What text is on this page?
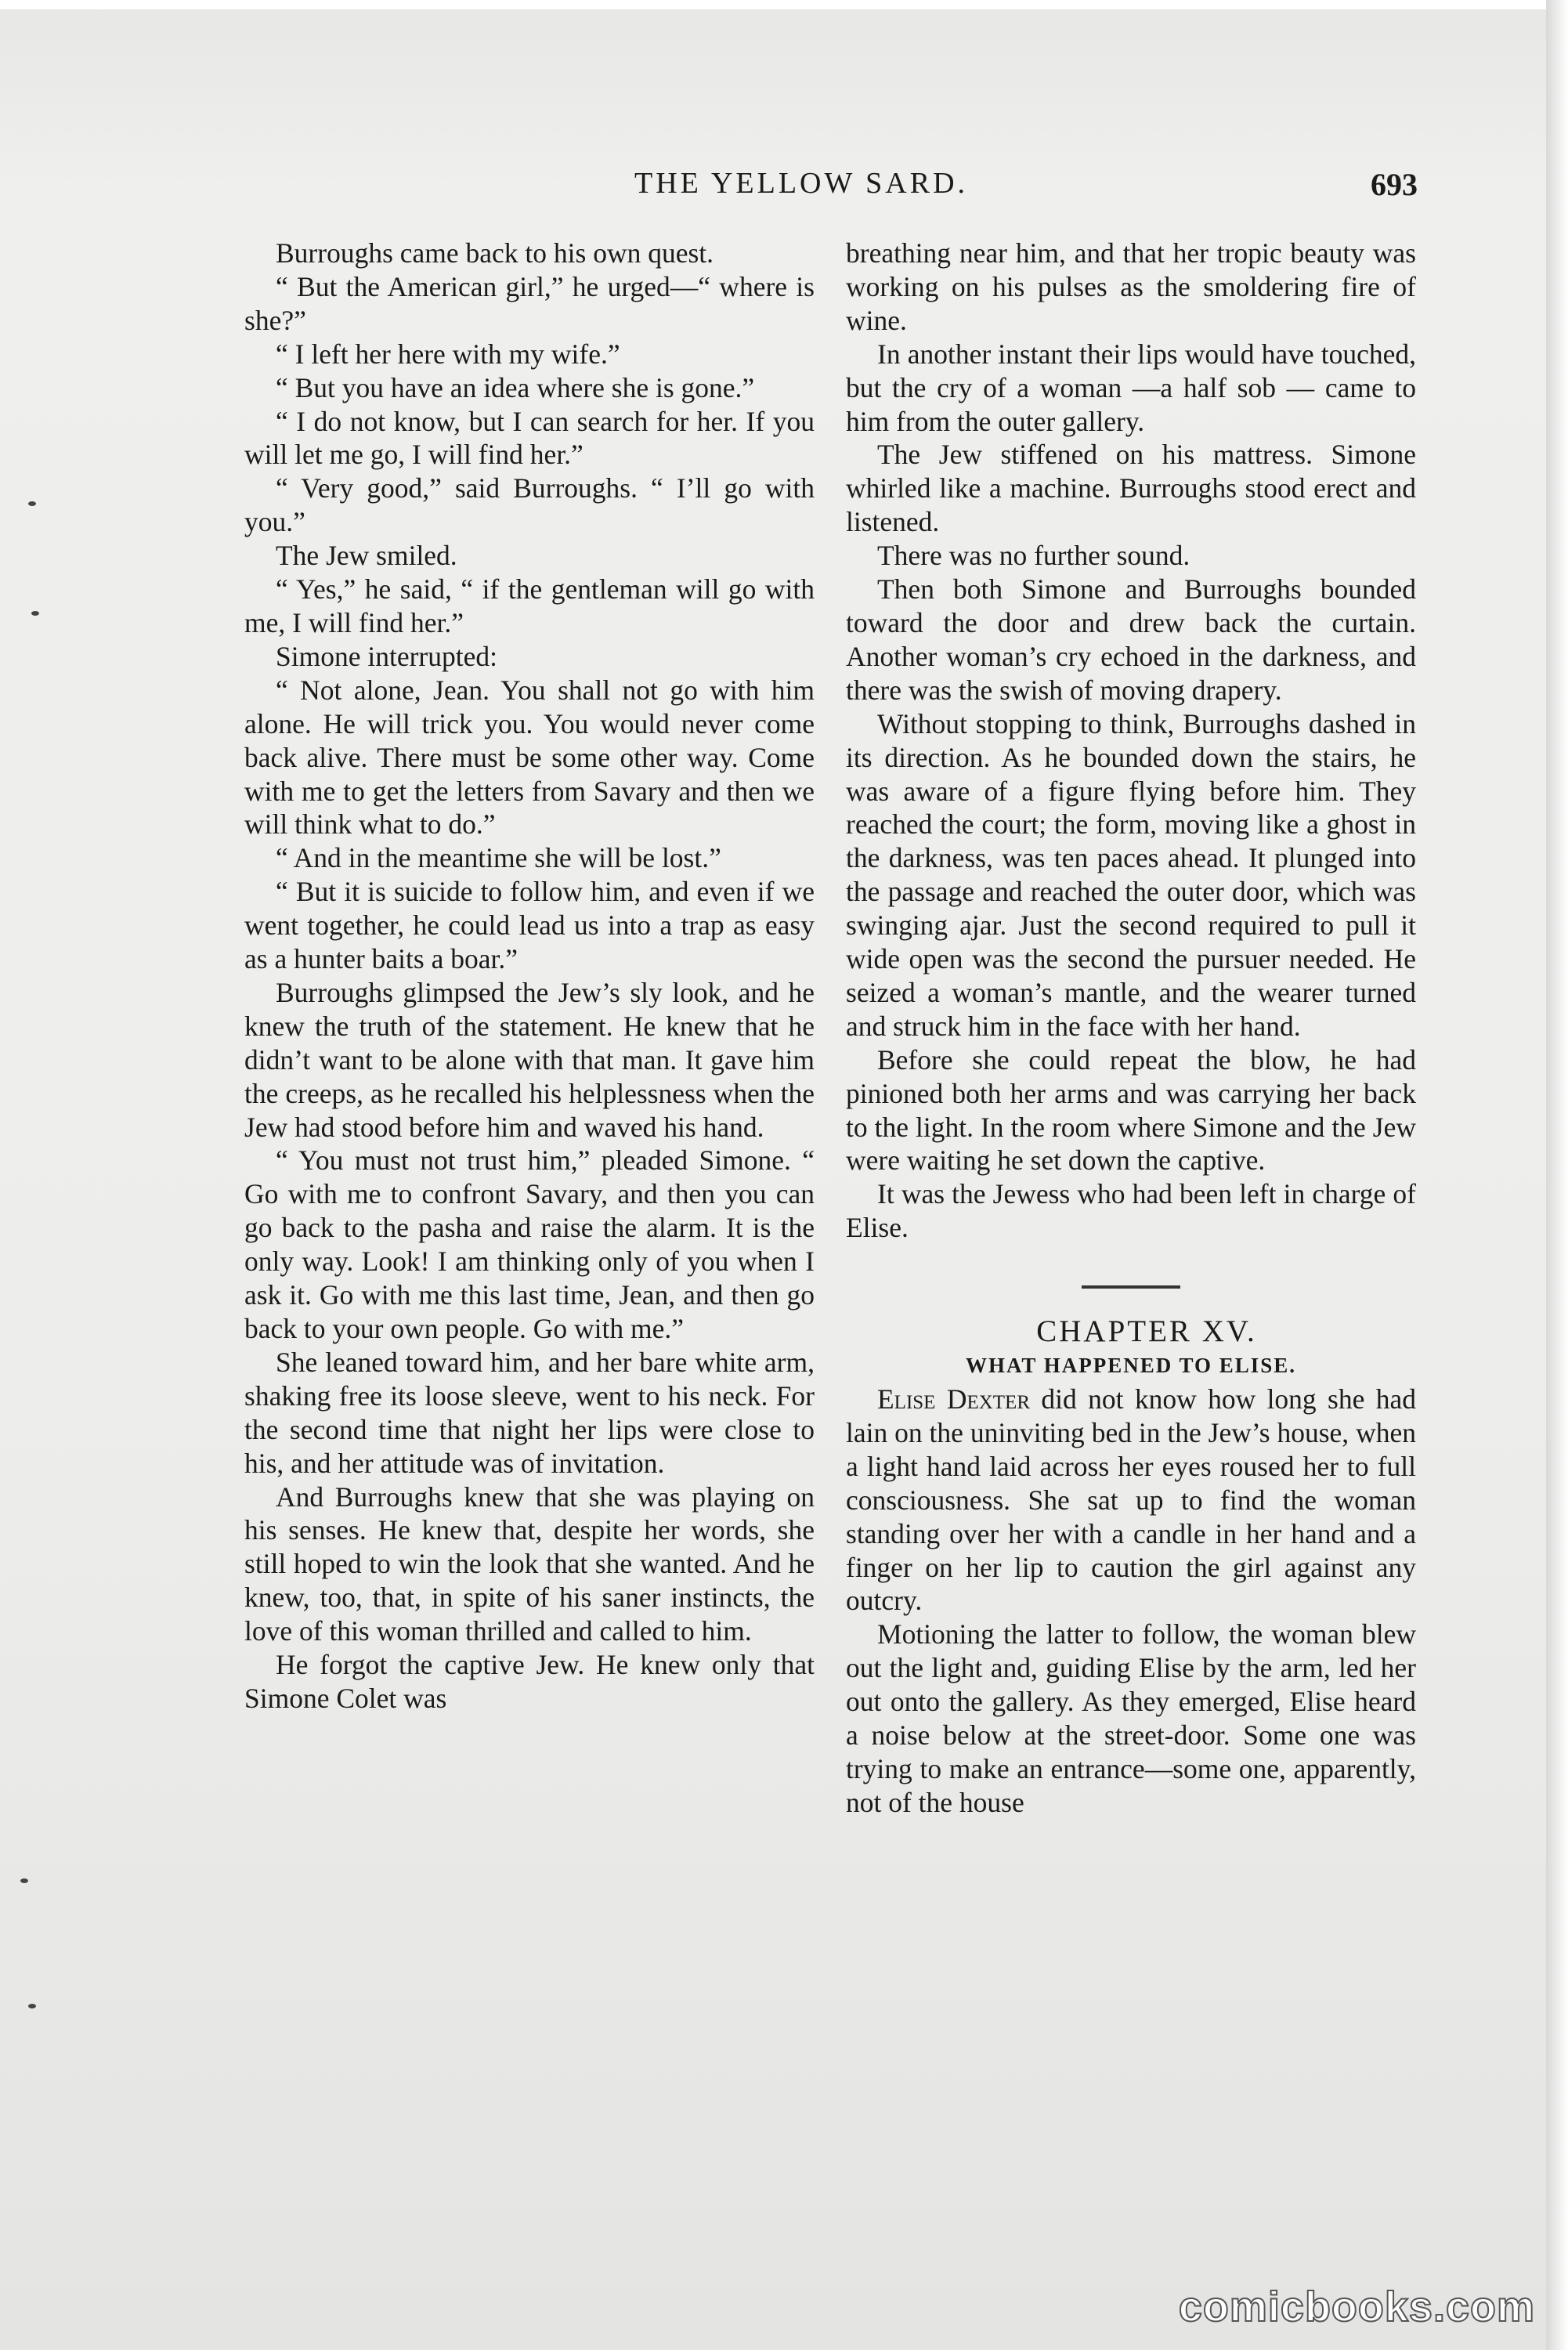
THE YELLOW SARD.	693

Burroughs came back to his own quest.

“ But the American girl,” he urged—“ where is she?”

“ I left her here with my wife.”

“ But you have an idea where she is gone.”

“ I do not know, but I can search for her. If you will let me go, I will find her.”

“ Very good,” said Burroughs. “ I’ll go with you.”

The Jew smiled.

“ Yes,” he said, “ if the gentleman will go with me, I will find her.”

Simone interrupted:

“ Not alone, Jean. You shall not go with him alone. He will trick you. You would never come back alive. There must be some other way. Come with me to get the letters from Savary and then we will think what to do.”

“ And in the meantime she will be lost.”

“ But it is suicide to follow him, and even if we went together, he could lead us into a trap as easy as a hunter baits a boar.”

Burroughs glimpsed the Jew’s sly look, and he knew the truth of the statement. He knew that he didn’t want to be alone with that man. It gave him the creeps, as he recalled his helplessness when the Jew had stood before him and waved his hand.

“ You must not trust him,” pleaded Simone. “ Go with me to confront Savary, and then you can go back to the pasha and raise the alarm. It is the only way. Look! I am thinking only of you when I ask it. Go with me this last time, Jean, and then go back to your own people. Go with me.”

She leaned toward him, and her bare white arm, shaking free its loose sleeve, went to his neck. For the second time that night her lips were close to his, and her attitude was of invitation.

And Burroughs knew that she was playing on his senses. He knew that, despite her words, she still hoped to win the look that she wanted. And he knew, too, that, in spite of his saner instincts, the love of this woman thrilled and called to him.

He forgot the captive Jew. He knew only that Simone Colet was

breathing near him, and that her tropic beauty was working on his pulses as the smoldering fire of wine.

In another instant their lips would have touched, but the cry of a woman —a half sob — came to him from the outer gallery.

The Jew stiffened on his mattress. Simone whirled like a machine. Burroughs stood erect and listened.

There was no further sound.

Then both Simone and Burroughs bounded toward the door and drew back the curtain. Another woman’s cry echoed in the darkness, and there was the swish of moving drapery.

Without stopping to think, Burroughs dashed in its direction. As he bounded down the stairs, he was aware of a figure flying before him. They reached the court; the form, moving like a ghost in the darkness, was ten paces ahead. It plunged into the passage and reached the outer door, which was swinging ajar. Just the second required to pull it wide open was the second the pursuer needed. He seized a woman’s mantle, and the wearer turned and struck him in the face with her hand.

Before she could repeat the blow, he had pinioned both her arms and was carrying her back to the light. In the room where Simone and the Jew were waiting he set down the captive.

It was the Jewess who had been left in charge of Elise.

CHAPTER XV.

WHAT HAPPENED TO ELISE.

Elise Dexter did not know how long she had lain on the uninviting bed in the Jew’s house, when a light hand laid across her eyes roused her to full consciousness. She sat up to find the woman standing over her with a candle in her hand and a finger on her lip to caution the girl against any outcry.

Motioning the latter to follow, the woman blew out the light and, guiding Elise by the arm, led her out onto the gallery. As they emerged, Elise heard a noise below at the street-door. Some one was trying to make an entrance—some one, apparently, not of the house

comicbooks.com
